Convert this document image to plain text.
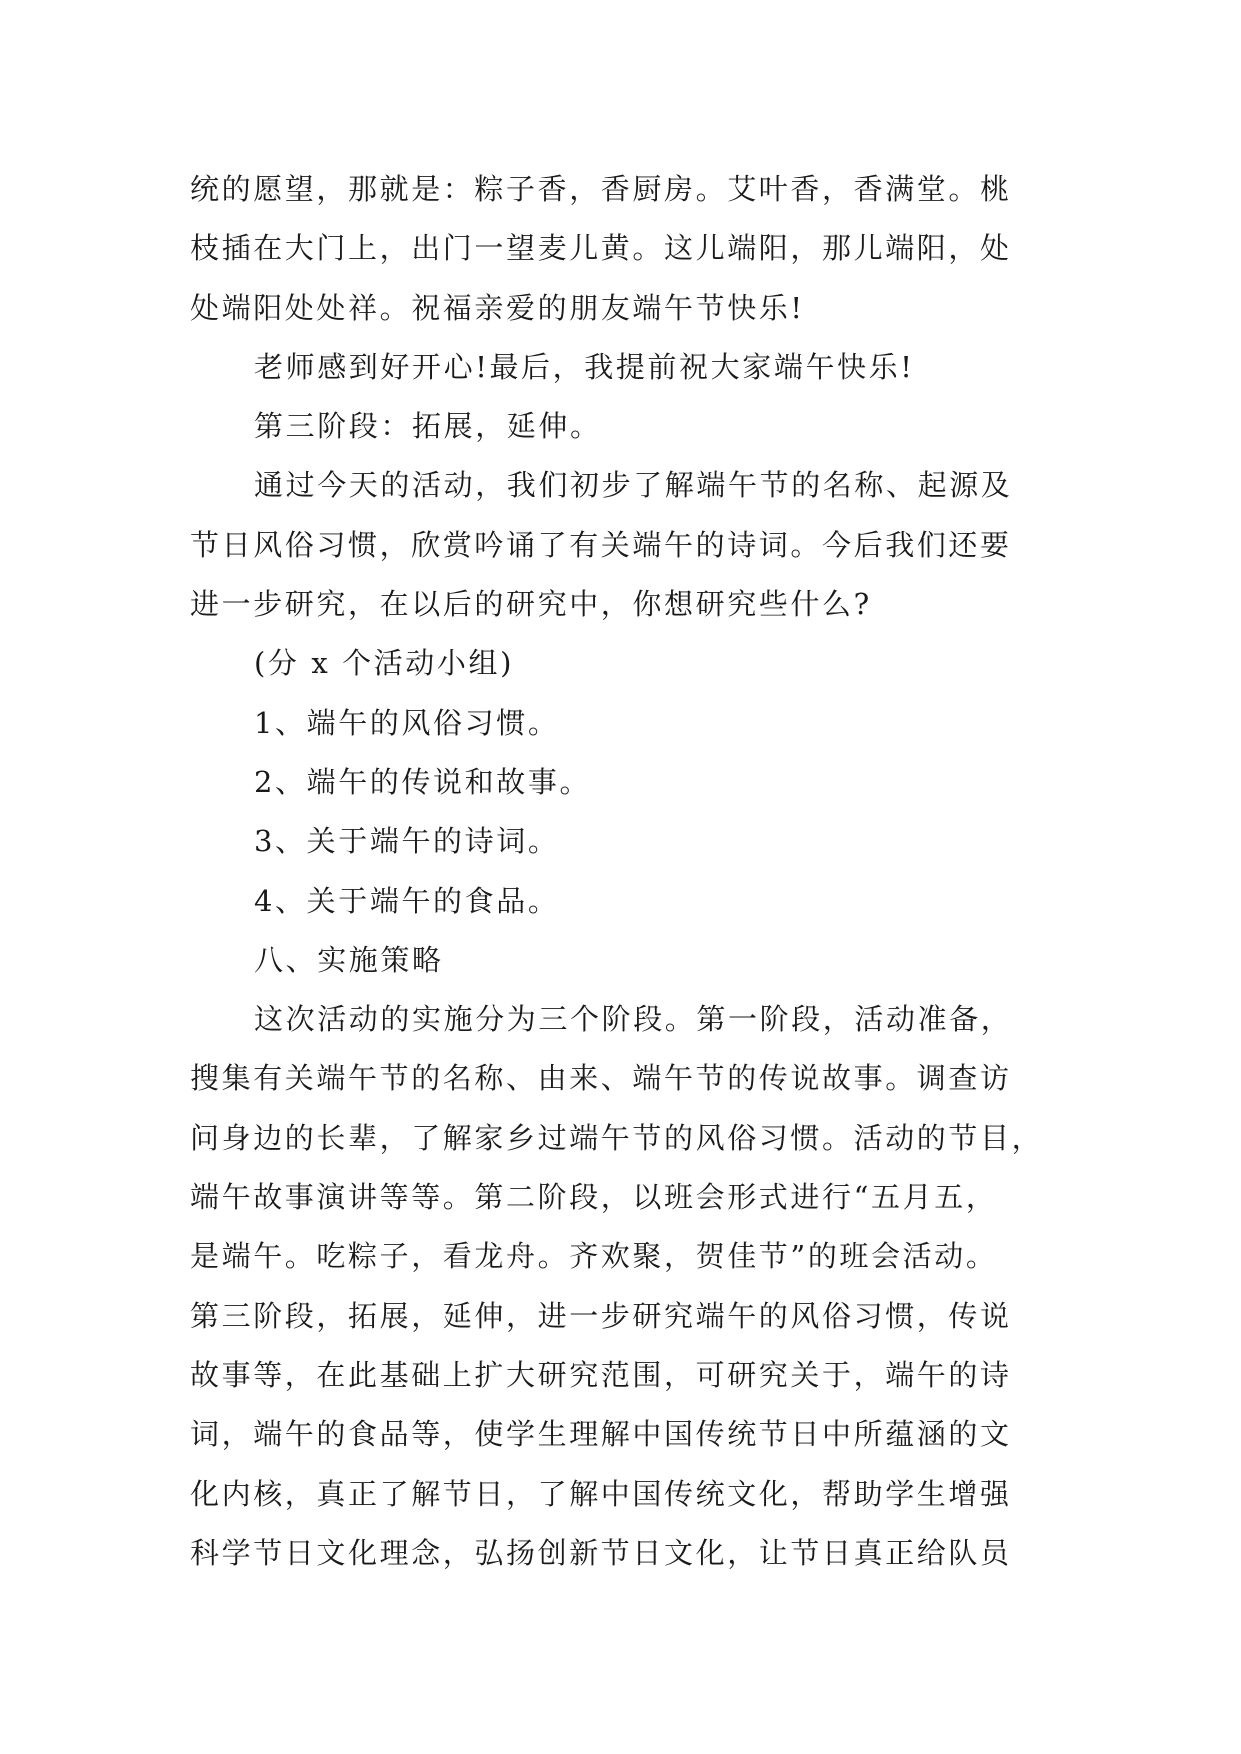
统的愿望，那就是：粽子香，香厨房。艾叶香，香满堂。桃
枝插在大门上，出门一望麦儿黄。这儿端阳，那儿端阳，处
处端阳处处祥。祝福亲爱的朋友端午节快乐!
老师感到好开心!最后，我提前祝大家端午快乐!
第三阶段：拓展，延伸。
通过今天的活动，我们初步了解端午节的名称、起源及
节日风俗习惯，欣赏吟诵了有关端午的诗词。今后我们还要
进一步研究，在以后的研究中，你想研究些什么?
(分 x 个活动小组)
1、端午的风俗习惯。
2、端午的传说和故事。
3、关于端午的诗词。
4、关于端午的食品。
八、实施策略
这次活动的实施分为三个阶段。第一阶段，活动准备，
搜集有关端午节的名称、由来、端午节的传说故事。调查访
问身边的长辈，了解家乡过端午节的风俗习惯。活动的节目，
端午故事演讲等等。第二阶段，以班会形式进行“五月五，
是端午。吃粽子，看龙舟。齐欢聚，贺佳节”的班会活动。
第三阶段，拓展，延伸，进一步研究端午的风俗习惯，传说
故事等，在此基础上扩大研究范围，可研究关于，端午的诗
词，端午的食品等，使学生理解中国传统节日中所蕴涵的文
化内核，真正了解节日，了解中国传统文化，帮助学生增强
科学节日文化理念，弘扬创新节日文化，让节日真正给队员
